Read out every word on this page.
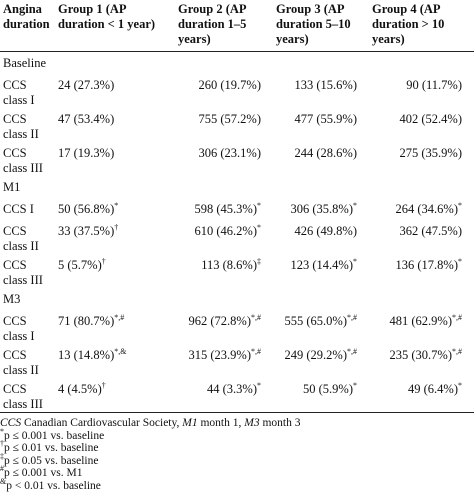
Angina duration	Group 1 (AP duration < 1 year)	Group 2 (AP duration 1–5 years)	Group 3 (AP duration 5–10 years)	Group 4 (AP duration > 10 years)
Baseline				
CCS class I	24 (27.3%)	260 (19.7%)	133 (15.6%)	90 (11.7%)
CCS class II	47 (53.4%)	755 (57.2%)	477 (55.9%)	402 (52.4%)
CCS class III	17 (19.3%)	306 (23.1%)	244 (28.6%)	275 (35.9%)
M1				
CCS I	50 (56.8%)*	598 (45.3%)*	306 (35.8%)*	264 (34.6%)*
CCS class II	33 (37.5%)†	610 (46.2%)*	426 (49.8%)	362 (47.5%)
CCS class III	5 (5.7%)†	113 (8.6%)‡	123 (14.4%)*	136 (17.8%)*
M3				
CCS class I	71 (80.7%)*,#	962 (72.8%)*,#	555 (65.0%)*,#	481 (62.9%)*,#
CCS class II	13 (14.8%)*,&	315 (23.9%)*,#	249 (29.2%)*,#	235 (30.7%)*,#
CCS class III	4 (4.5%)†	44 (3.3%)*	50 (5.9%)*	49 (6.4%)*
CCS Canadian Cardiovascular Society, M1 month 1, M3 month 3
*p ≤ 0.001 vs. baseline
†p ≤ 0.01 vs. baseline
‡p ≤ 0.05 vs. baseline
#p ≤ 0.001 vs. M1
&p < 0.01 vs. baseline
